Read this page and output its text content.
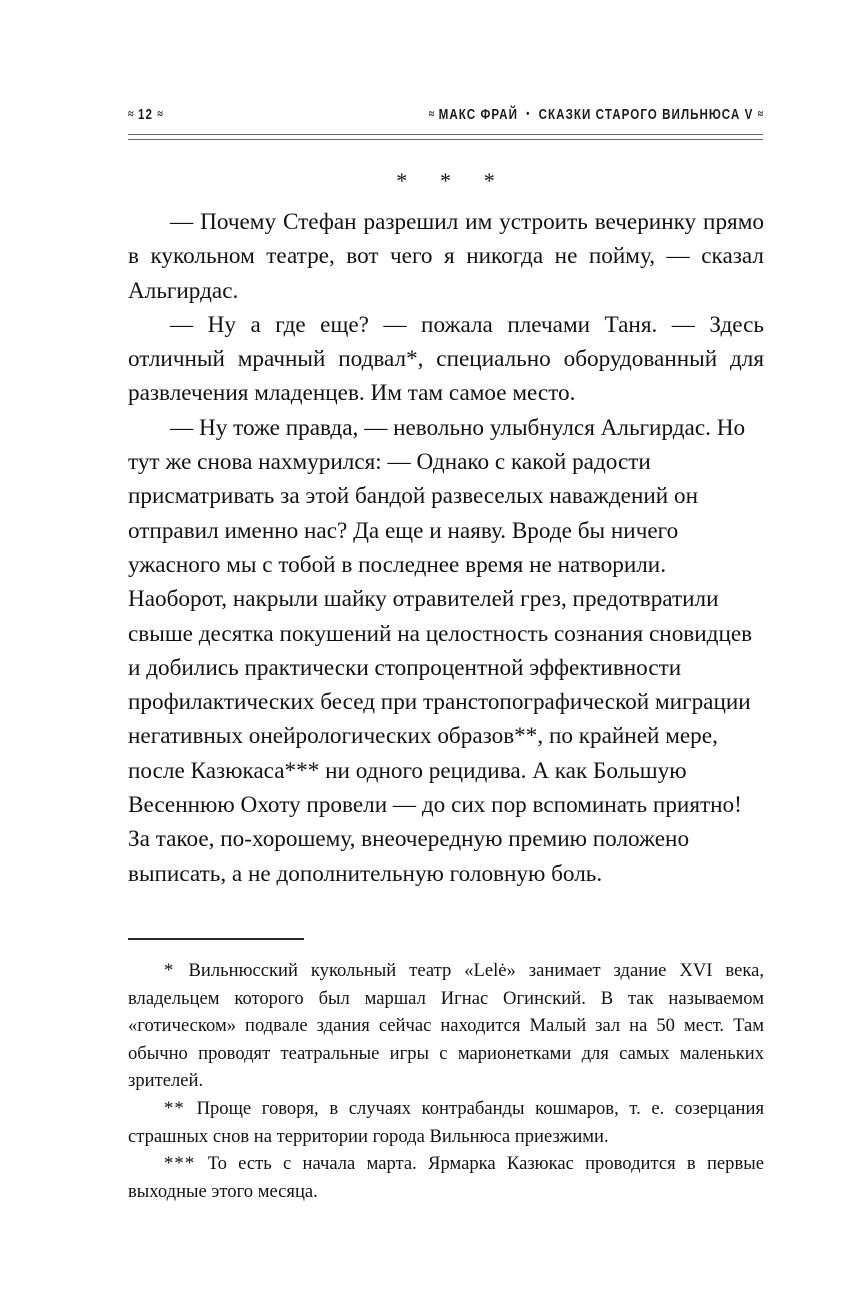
≈ 12 ≈	≈ МАКС ФРАЙ • СКАЗКИ СТАРОГО ВИЛЬНЮСА V ≈
* * *

— Почему Стефан разрешил им устроить вечеринку прямо в кукольном театре, вот чего я никогда не пойму, — сказал Альгирдас.

— Ну а где еще? — пожала плечами Таня. — Здесь отличный мрачный подвал*, специально оборудованный для развлечения младенцев. Им там самое место.

— Ну тоже правда, — невольно улыбнулся Альгирдас. Но тут же снова нахмурился: — Однако с какой радости присматривать за этой бандой развеселых наваждений он отправил именно нас? Да еще и наяву. Вроде бы ничего ужасного мы с тобой в последнее время не натворили. Наоборот, накрыли шайку отравителей грез, предотвратили свыше десятка покушений на целостность сознания сновидцев и добились практически стопроцентной эффективности профилактических бесед при транстопографической миграции негативных онейрологических образов**, по крайней мере, после Казюкаса*** ни одного рецидива. А как Большую Весеннюю Охоту провели — до сих пор вспоминать приятно! За такое, по-хорошему, внеочередную премию положено выписать, а не дополнительную головную боль.

* Вильнюсский кукольный театр «Lelė» занимает здание XVI века, владельцем которого был маршал Игнас Огинский. В так называемом «готическом» подвале здания сейчас находится Малый зал на 50 мест. Там обычно проводят театральные игры с марионетками для самых маленьких зрителей.

** Проще говоря, в случаях контрабанды кошмаров, т. е. созерцания страшных снов на территории города Вильнюса приезжими.

*** То есть с начала марта. Ярмарка Казюкас проводится в первые выходные этого месяца.
